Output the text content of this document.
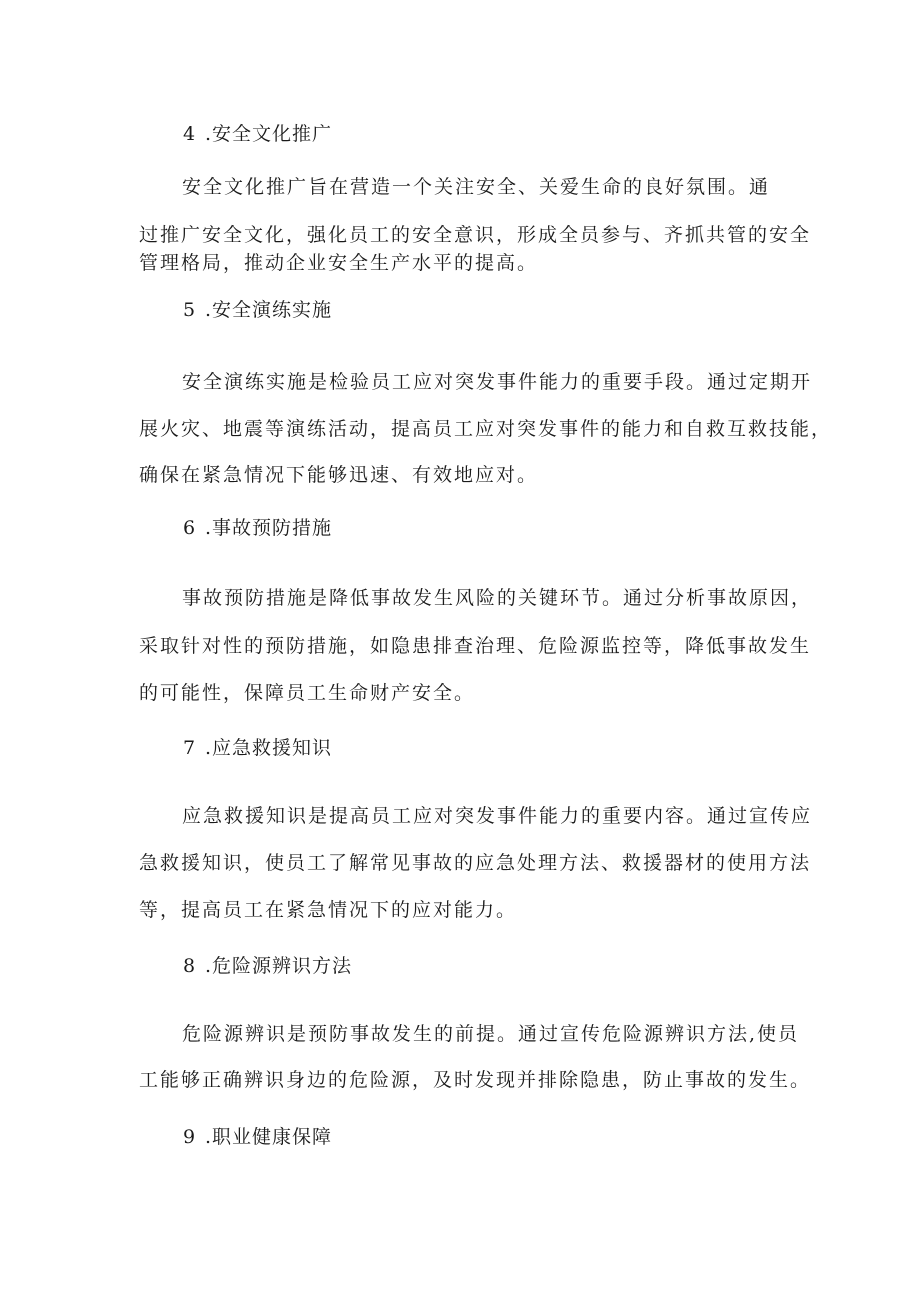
4 .安全文化推广
安全文化推广旨在营造一个关注安全、关爱生命的良好氛围。通
过推广安全文化，强化员工的安全意识，形成全员参与、齐抓共管的安全
管理格局，推动企业安全生产水平的提高。
5 .安全演练实施
安全演练实施是检验员工应对突发事件能力的重要手段。通过定期开
展火灾、地震等演练活动，提高员工应对突发事件的能力和自救互救技能，
确保在紧急情况下能够迅速、有效地应对。
6 .事故预防措施
事故预防措施是降低事故发生风险的关键环节。通过分析事故原因，
采取针对性的预防措施，如隐患排查治理、危险源监控等，降低事故发生
的可能性，保障员工生命财产安全。
7 .应急救援知识
应急救援知识是提高员工应对突发事件能力的重要内容。通过宣传应
急救援知识，使员工了解常见事故的应急处理方法、救援器材的使用方法
等，提高员工在紧急情况下的应对能力。
8 .危险源辨识方法
危险源辨识是预防事故发生的前提。通过宣传危险源辨识方法,使员
工能够正确辨识身边的危险源，及时发现并排除隐患，防止事故的发生。
9 .职业健康保障
